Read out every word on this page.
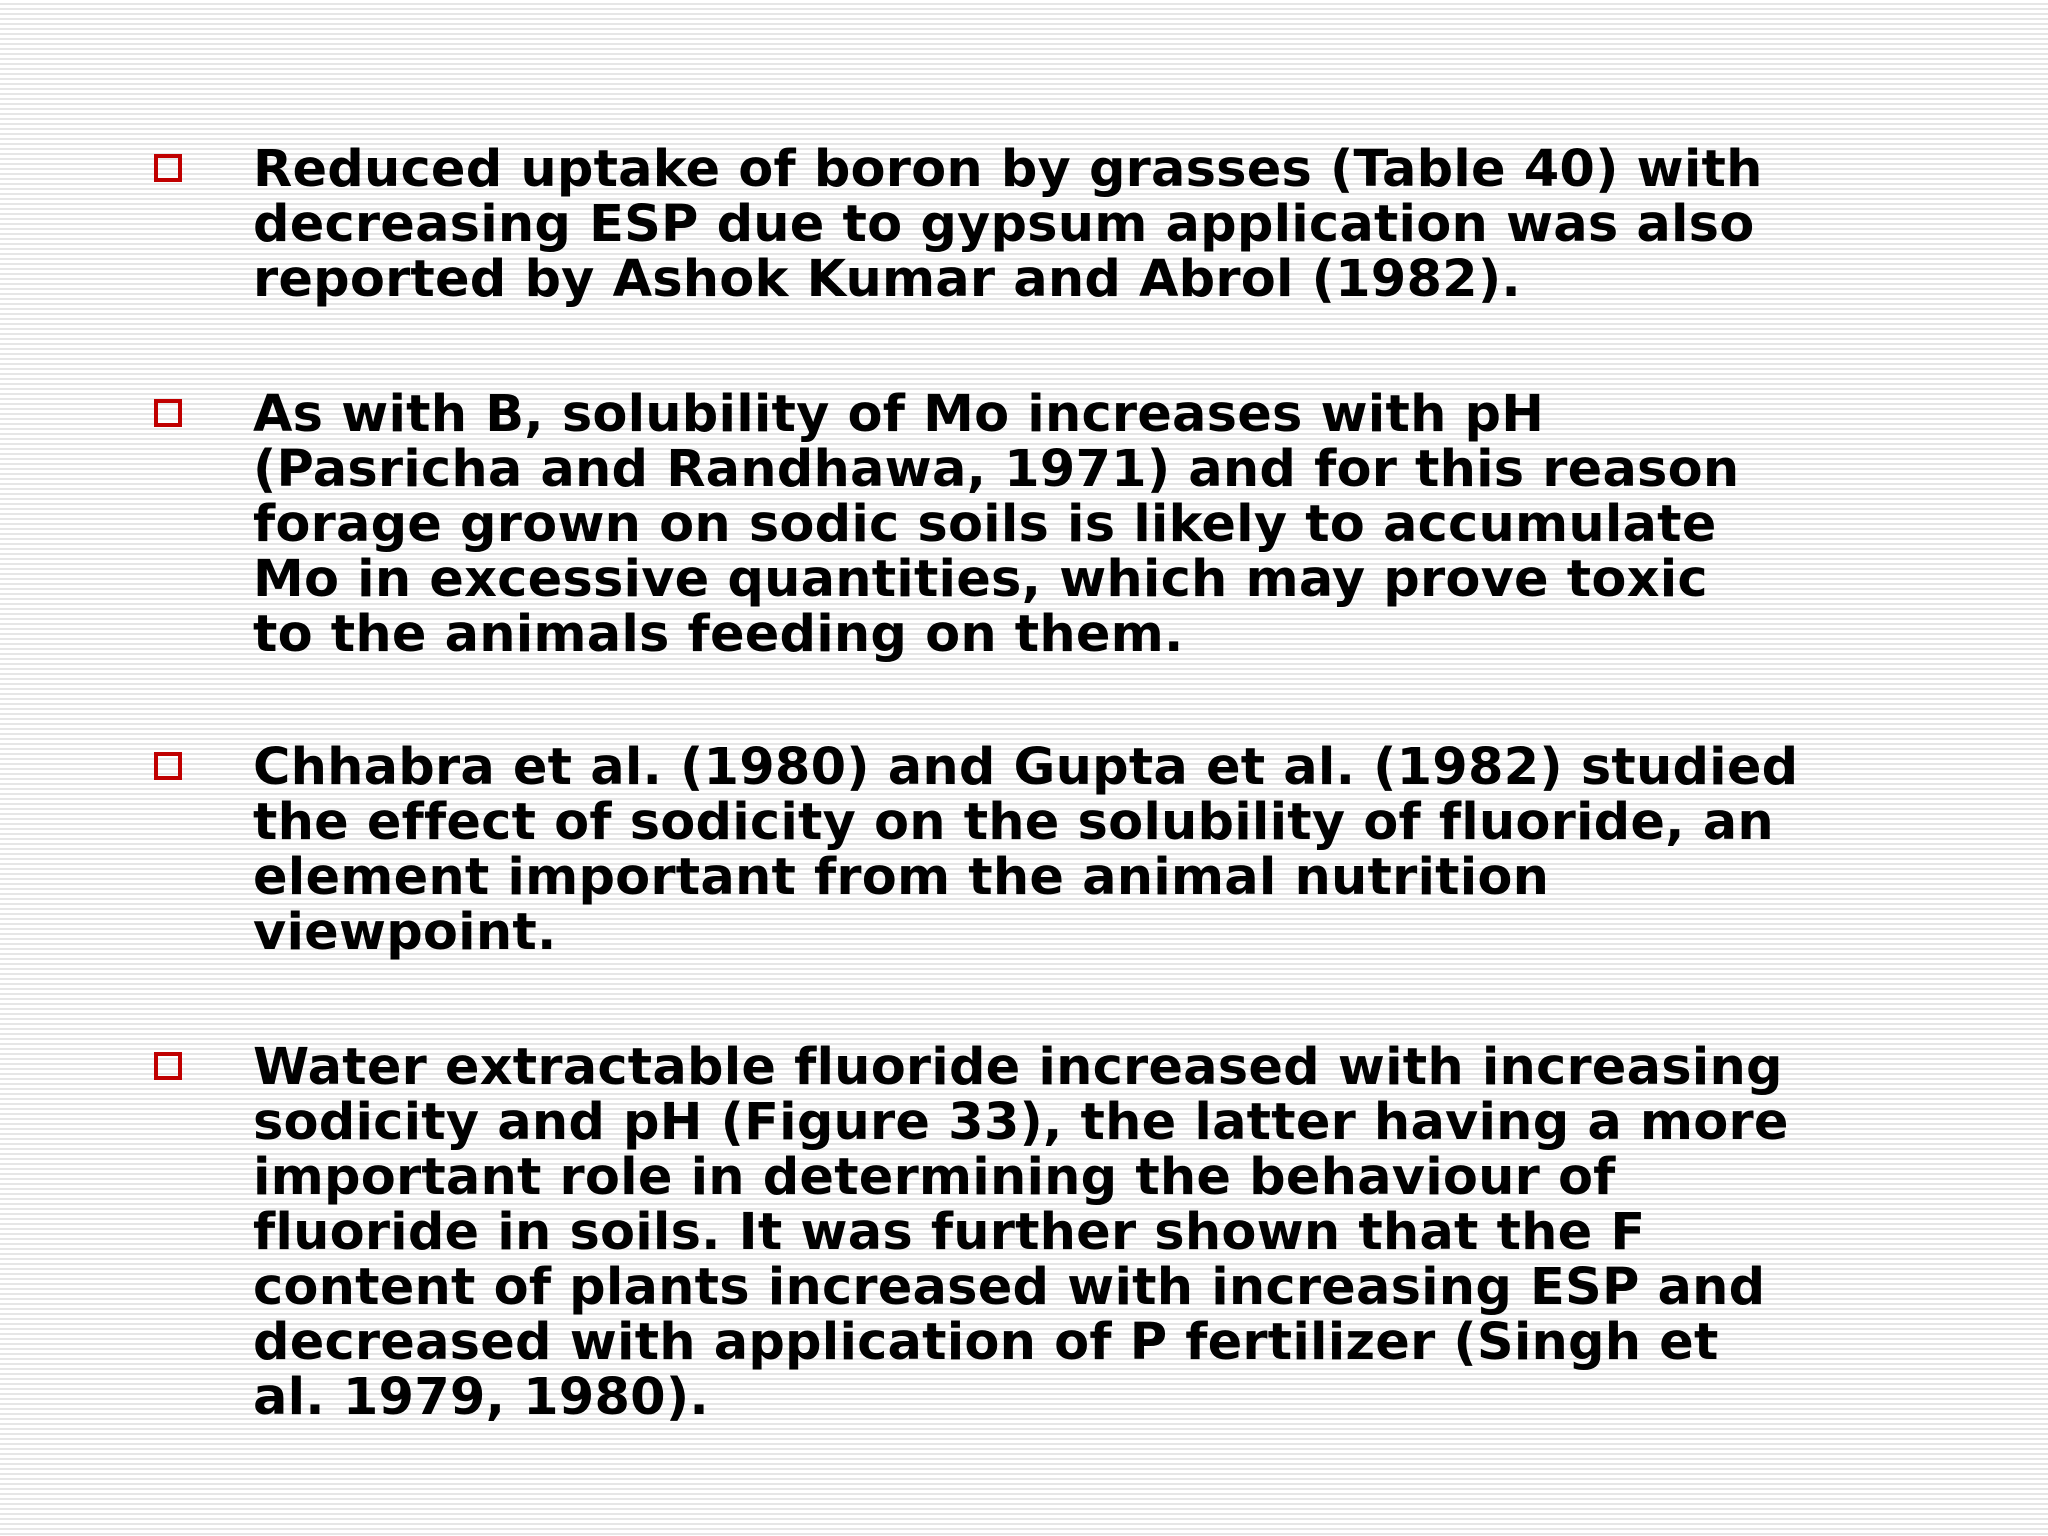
Reduced uptake of boron by grasses (Table 40) with
decreasing ESP due to gypsum application was also
reported by Ashok Kumar and Abrol (1982).

As with B, solubility of Mo increases with pH
(Pasricha and Randhawa, 1971) and for this reason
forage grown on sodic soils is likely to accumulate
Mo in excessive quantities, which may prove toxic
to the animals feeding on them.

Chhabra et al. (1980) and Gupta et al. (1982) studied
the effect of sodicity on the solubility of fluoride, an
element important from the animal nutrition
viewpoint.

Water extractable fluoride increased with increasing
sodicity and pH (Figure 33), the latter having a more
important role in determining the behaviour of
fluoride in soils. It was further shown that the F
content of plants increased with increasing ESP and
decreased with application of P fertilizer (Singh et
al. 1979, 1980).
